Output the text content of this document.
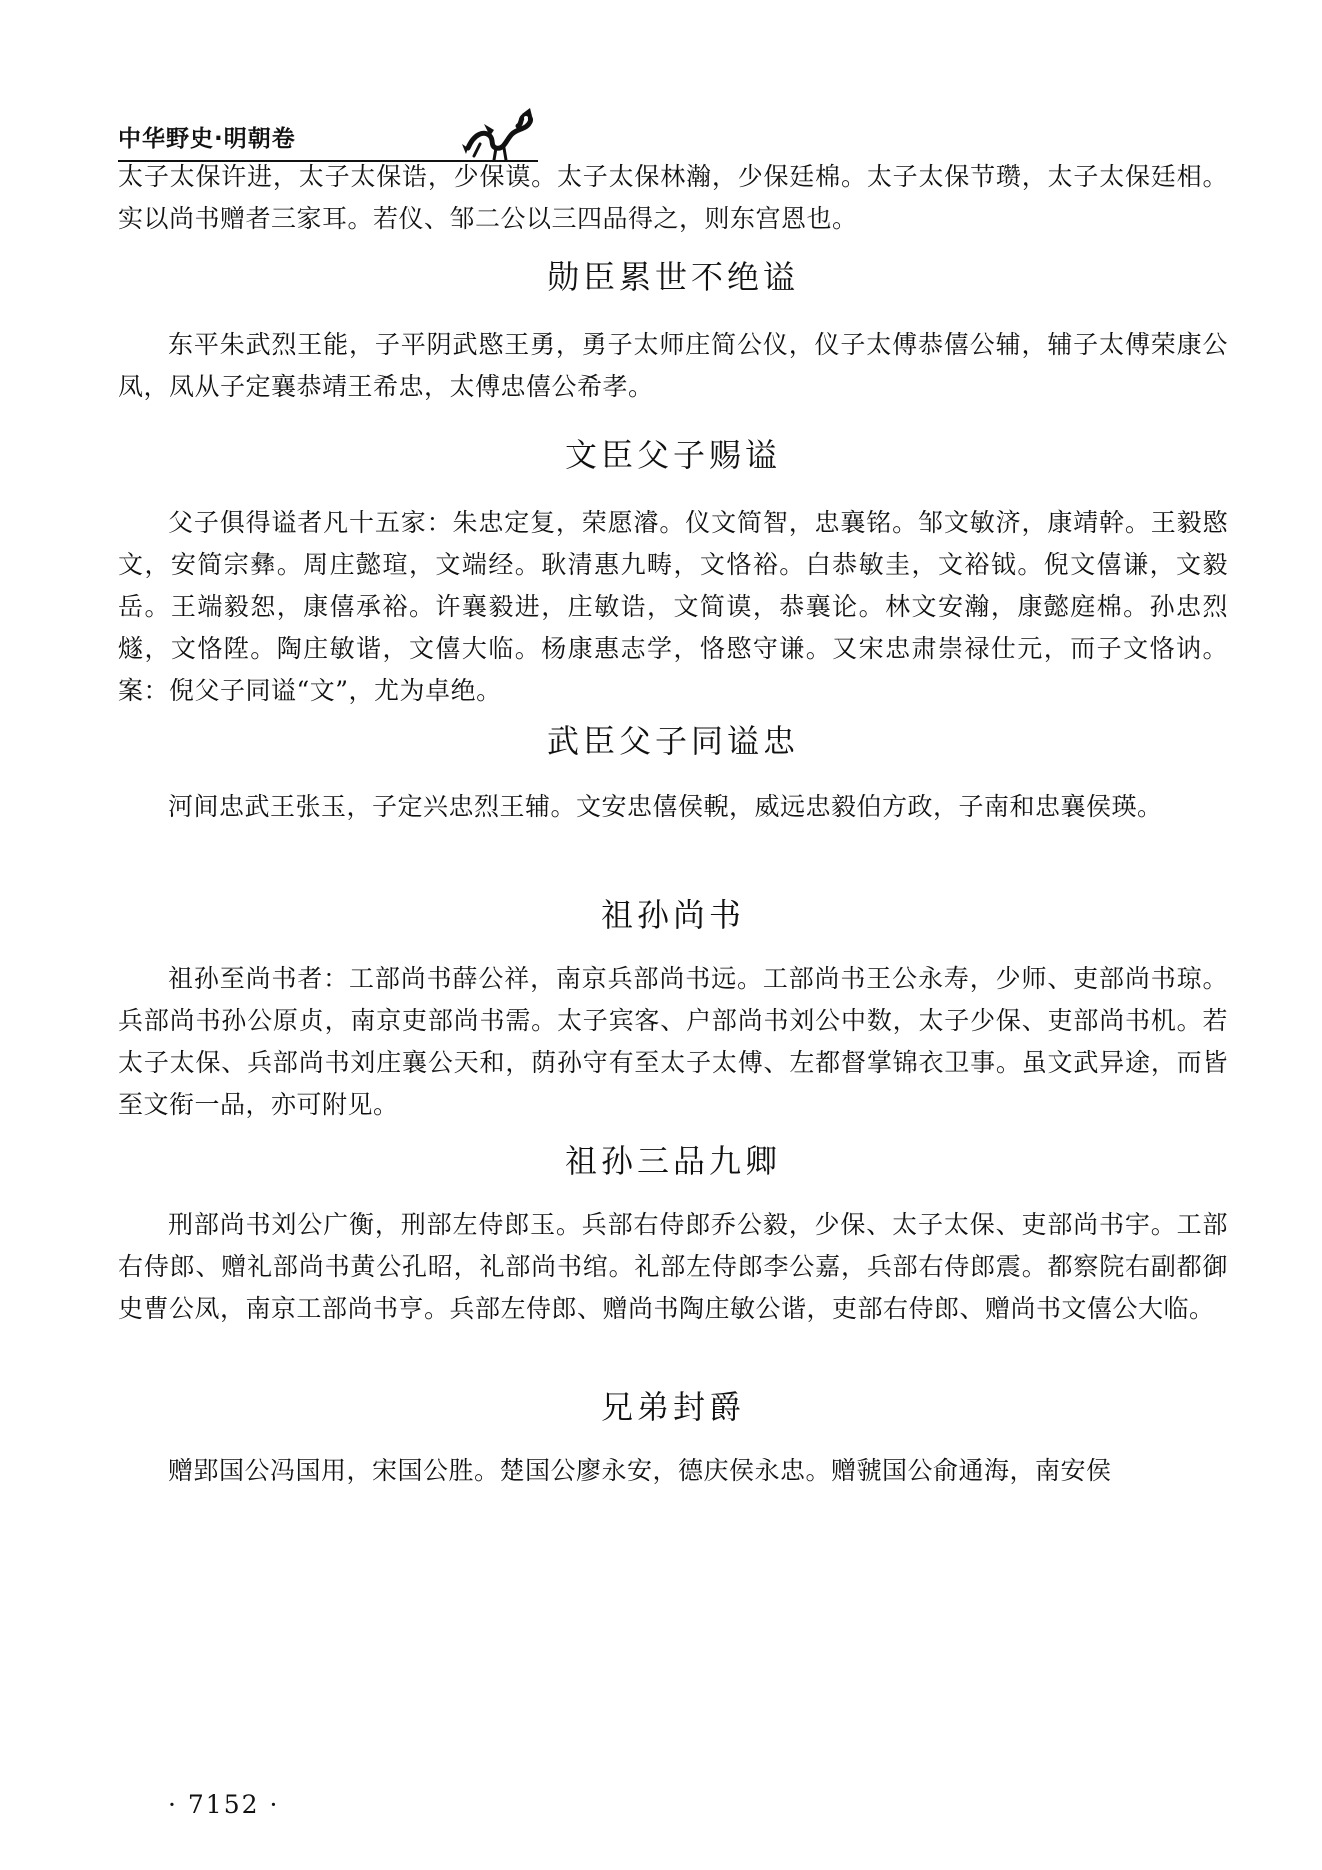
中华野史·明朝卷

太子太保许进，太子太保诰，少保谟。太子太保林瀚，少保廷棉。太子太保节瓒，太子太保廷相。实以尚书赠者三家耳。若仪、邹二公以三四品得之，则东宫恩也。

勋臣累世不绝谥

东平朱武烈王能，子平阴武愍王勇，勇子太师庄简公仪，仪子太傅恭僖公辅，辅子太傅荣康公凤，凤从子定襄恭靖王希忠，太傅忠僖公希孝。

文臣父子赐谥

父子俱得谥者凡十五家：朱忠定复，荣愿濬。仪文简智，忠襄铭。邹文敏济，康靖幹。王毅愍文，安简宗彝。周庄懿瑄，文端经。耿清惠九畴，文恪裕。白恭敏圭，文裕钺。倪文僖谦，文毅岳。王端毅恕，康僖承裕。许襄毅进，庄敏诰，文简谟，恭襄论。林文安瀚，康懿庭棉。孙忠烈燧，文恪陞。陶庄敏谐，文僖大临。杨康惠志学，恪愍守谦。又宋忠肃崇禄仕元，而子文恪讷。案：倪父子同谥“文”，尤为卓绝。

武臣父子同谥忠

河间忠武王张玉，子定兴忠烈王辅。文安忠僖侯輗，威远忠毅伯方政，子南和忠襄侯瑛。

祖孙尚书

祖孙至尚书者：工部尚书薛公祥，南京兵部尚书远。工部尚书王公永寿，少师、吏部尚书琼。兵部尚书孙公原贞，南京吏部尚书需。太子宾客、户部尚书刘公中数，太子少保、吏部尚书机。若太子太保、兵部尚书刘庄襄公天和，荫孙守有至太子太傅、左都督掌锦衣卫事。虽文武异途，而皆至文衔一品，亦可附见。

祖孙三品九卿

刑部尚书刘公广衡，刑部左侍郎玉。兵部右侍郎乔公毅，少保、太子太保、吏部尚书宇。工部右侍郎、赠礼部尚书黄公孔昭，礼部尚书绾。礼部左侍郎李公嘉，兵部右侍郎震。都察院右副都御史曹公凤，南京工部尚书亨。兵部左侍郎、赠尚书陶庄敏公谐，吏部右侍郎、赠尚书文僖公大临。

兄弟封爵

赠郢国公冯国用，宋国公胜。楚国公廖永安，德庆侯永忠。赠虢国公俞通海，南安侯

· 7152 ·
